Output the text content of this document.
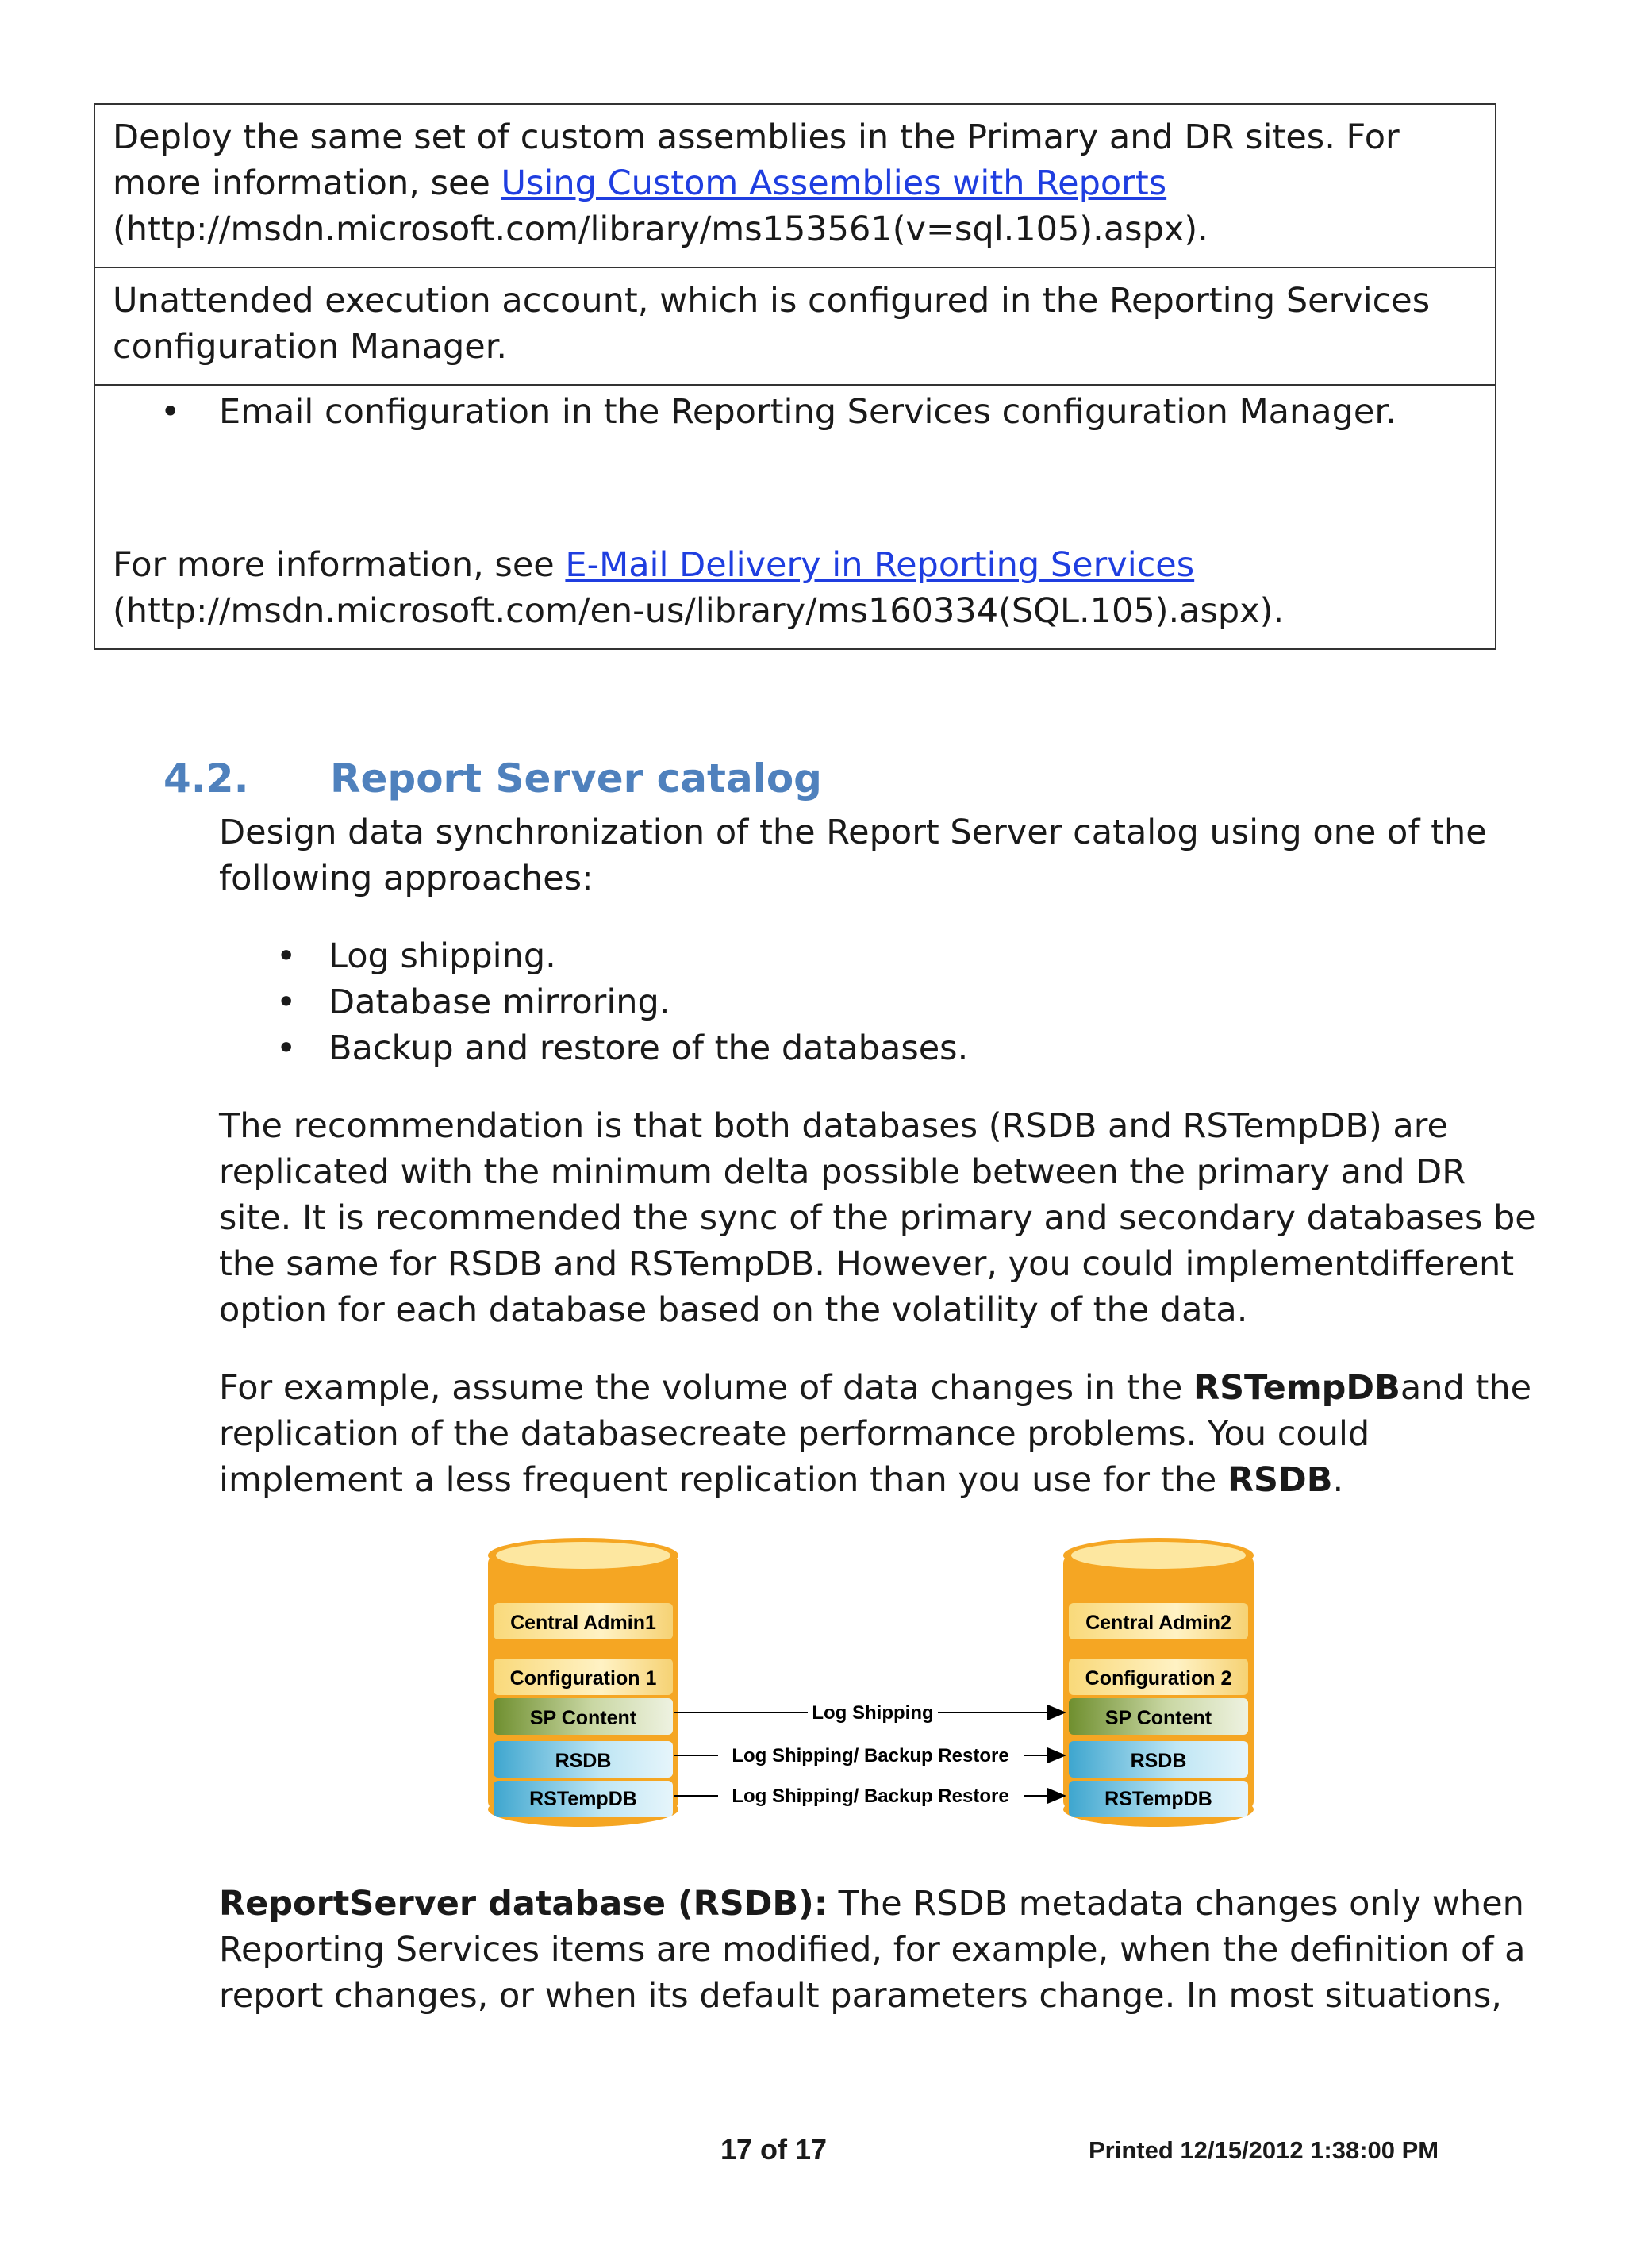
Deploy the same set of custom assemblies in the Primary and DR sites. For more information, see Using Custom Assemblies with Reports
(http://msdn.microsoft.com/library/ms153561(v=sql.105).aspx).
Unattended execution account, which is configured in the Reporting Services configuration Manager.

•	Email configuration in the Reporting Services configuration Manager.
For more information, see E-Mail Delivery in Reporting Services
(http://msdn.microsoft.com/en-us/library/ms160334(SQL.105).aspx).
4.2. Report Server catalog
Design data synchronization of the Report Server catalog using one of the following approaches:
• Log shipping.
• Database mirroring.
• Backup and restore of the databases.
The recommendation is that both databases (RSDB and RSTempDB) are replicated with the minimum delta possible between the primary and DR site. It is recommended the sync of the primary and secondary databases be the same for RSDB and RSTempDB. However, you could implementdifferent option for each database based on the volatility of the data.
For example, assume the volume of data changes in the RSTempDBand the replication of the databasecreate performance problems. You could implement a less frequent replication than you use for the RSDB.
Central Admin1
Configuration 1
SP Content
RSDB
RSTempDB
Central Admin2
Configuration 2
SP Content
RSDB
RSTempDB
Log Shipping
Log Shipping/ Backup Restore
Log Shipping/ Backup Restore
ReportServer database (RSDB): The RSDB metadata changes only when Reporting Services items are modified, for example, when the definition of a report changes, or when its default parameters change. In most situations,
17 of 17	Printed 12/15/2012 1:38:00 PM
